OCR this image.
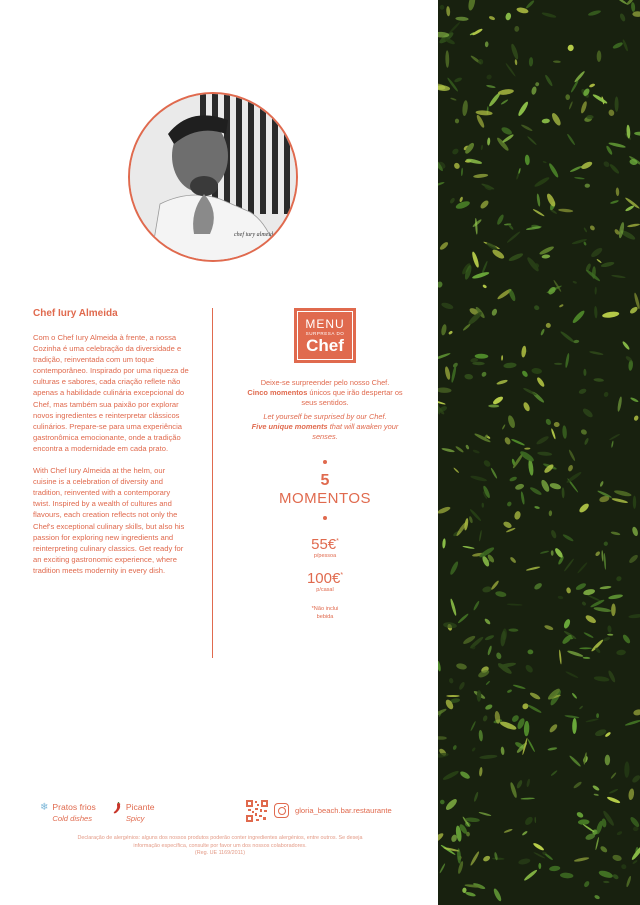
chef iury almeida
Chef Iury Almeida

Com o Chef Iury Almeida à frente, a nossa Cozinha é uma celebração da diversidade e tradição, reinventada com um toque contemporâneo. Inspirado por uma riqueza de culturas e sabores, cada criação reflete não apenas a habilidade culinária excepcional do Chef, mas também sua paixão por explorar novos ingredientes e reinterpretar clássicos culinários. Prepare-se para uma experiência gastronômica emocionante, onde a tradição encontra a modernidade em cada prato.

With Chef Iury Almeida at the helm, our cuisine is a celebration of diversity and tradition, reinvented with a contemporary twist. Inspired by a wealth of cultures and flavours, each creation reflects not only the Chef's exceptional culinary skills, but also his passion for exploring new ingredients and reinterpreting culinary classics. Get ready for an exciting gastronomic experience, where tradition meets modernity in every dish.

MENU
SURPRESA DO
Chef
Deixe-se surpreender pelo nosso Chef.
Cinco momentos únicos que irão despertar os seus sentidos.
Let yourself be surprised by our Chef.
Five unique moments that will awaken your senses.
5
MOMENTOS
55€*
p/pessoa
100€*
p/casal
*Não inclui
bebida
❄ Pratos frios
Cold dishes
Picante
Spicy
gloria_beach.bar.restaurante
Declaração de alergénios: alguns dos nossos produtos poderão conter ingredientes alergénios, entre outros. Se deseja
informação específica, consulte por favor um dos nossos colaboradores.
(Reg. UE 1169/2011)
